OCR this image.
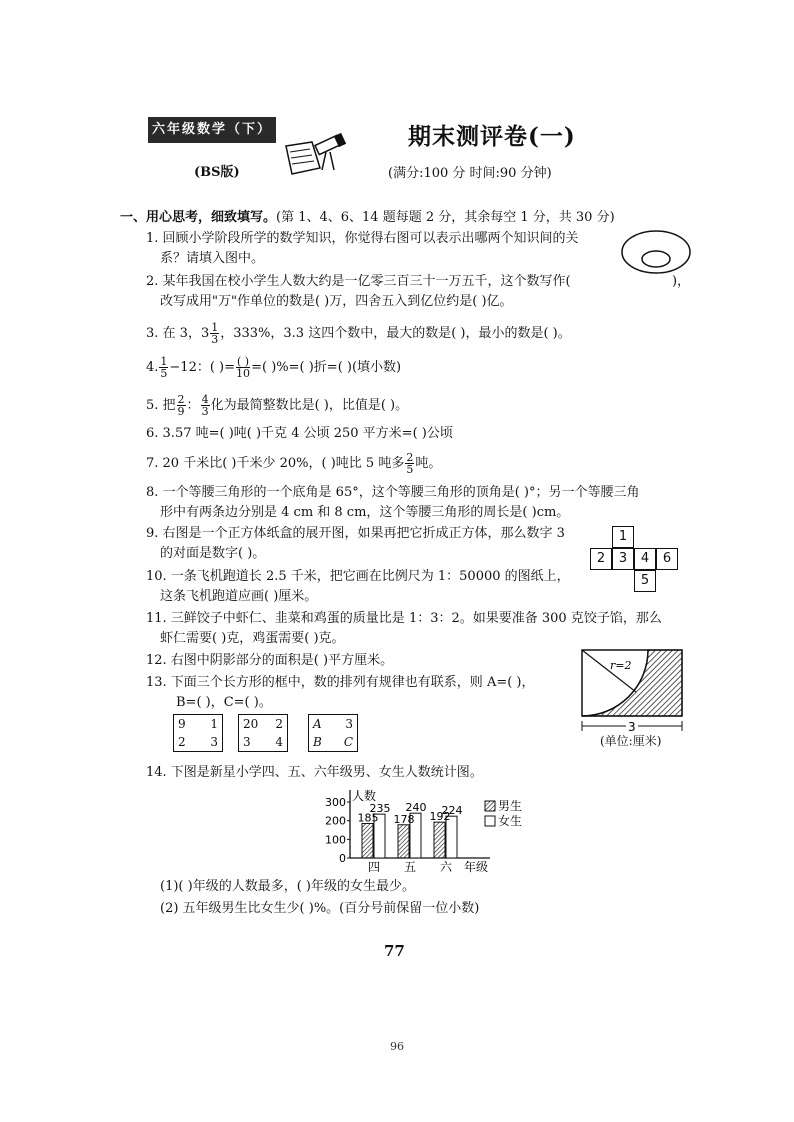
六年级数学（下）
(BS版)
期末测评卷(一)
(满分:100 分 时间:90 分钟)
一、用心思考，细致填写。(第 1、4、6、14 题每题 2 分，其余每空 1 分，共 30 分)
1. 回顾小学阶段所学的数学知识，你觉得右图可以表示出哪两个知识间的关
系？请填入图中。
2. 某年我国在校小学生人数大约是一亿零三百三十一万五千，这个数写作(	)，
改写成用"万"作单位的数是( )万，四舍五入到亿位约是( )亿。
3. 在 3，$3 \frac{1}{3}$ ，333%，3.3 这四个数中，最大的数是( )，最小的数是( )。
4. $\frac{1}{5} -12$：( )= $\frac{( )}{10}$ =( )%=( )折=( )(填小数)
5. 把 $\frac{2}{9}$ ： $\frac{4}{3}$ 化为最简整数比是( )，比值是( )。
6. 3.57 吨=( )吨( )千克 4 公顷 250 平方米=( )公顷
7. 20 千米比( )千米少 20%，( )吨比 5 吨多 $\frac{2}{5}$ 吨。
8. 一个等腰三角形的一个底角是 65°，这个等腰三角形的顶角是( )°；另一个等腰三角
形中有两条边分别是 4 cm 和 8 cm，这个等腰三角形的周长是( )cm。
9. 右图是一个正方体纸盒的展开图，如果再把它折成正方体，那么数字 3
的对面是数字( )。
1
2	3	4	6
5
10. 一条飞机跑道长 2.5 千米，把它画在比例尺为 1：50000 的图纸上，
这条飞机跑道应画( )厘米。
11. 三鲜饺子中虾仁、韭菜和鸡蛋的质量比是 1：3：2。如果要准备 300 克饺子馅，那么
虾仁需要( )克，鸡蛋需要( )克。
12. 右图中阴影部分的面积是( )平方厘米。	r=2
3
(单位:厘米)
13. 下面三个长方形的框中，数的排列有规律也有联系，则 A=( )，
B=( )，C=( )。
9 1
2 3
20 2
3 4
A 3
B C
14. 下图是新星小学四、五、六年级男、女生人数统计图。
人数
年级
300
200
100
0
185
235
四
178
240
五
192
224
六
男生
女生
(1)( )年级的人数最多，( )年级的女生最少。
(2) 五年级男生比女生少( )%。(百分号前保留一位小数)
77
96
